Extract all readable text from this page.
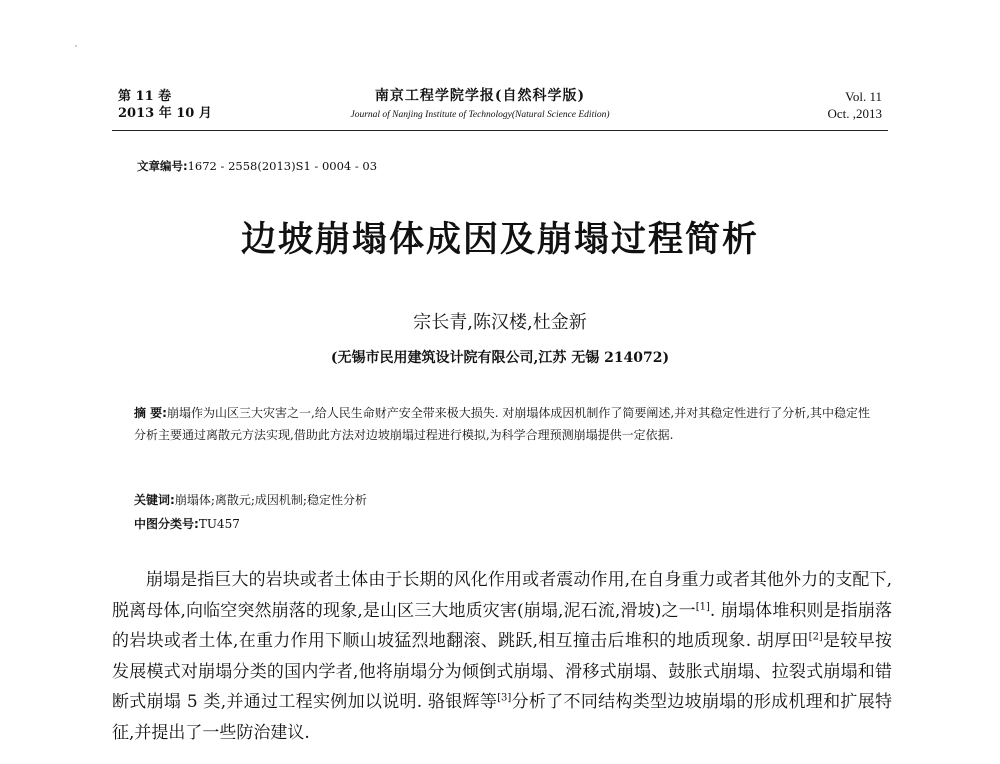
第 11 卷
2013 年 10 月
南京工程学院学报(自然科学版)
Journal of Nanjing Institute of Technology(Natural Science Edition)
Vol. 11
Oct. ,2013
文章编号:1672 - 2558(2013)S1 - 0004 - 03
边坡崩塌体成因及崩塌过程简析
宗长青,陈汉楼,杜金新
(无锡市民用建筑设计院有限公司,江苏 无锡 214072)
摘 要:崩塌作为山区三大灾害之一,给人民生命财产安全带来极大损失. 对崩塌体成因机制作了简要阐述,并对其稳定性进行了分析,其中稳定性分析主要通过离散元方法实现,借助此方法对边坡崩塌过程进行模拟,为科学合理预测崩塌提供一定依据.
关键词:崩塌体;离散元;成因机制;稳定性分析
中图分类号:TU457

崩塌是指巨大的岩块或者土体由于长期的风化作用或者震动作用,在自身重力或者其他外力的支配下,脱离母体,向临空突然崩落的现象,是山区三大地质灾害(崩塌,泥石流,滑坡)之一[1]. 崩塌体堆积则是指崩落的岩块或者土体,在重力作用下顺山坡猛烈地翻滚、跳跃,相互撞击后堆积的地质现象. 胡厚田[2]是较早按发展模式对崩塌分类的国内学者,他将崩塌分为倾倒式崩塌、滑移式崩塌、鼓胀式崩塌、拉裂式崩塌和错断式崩塌 5 类,并通过工程实例加以说明. 骆银辉等[3]分析了不同结构类型边坡崩塌的形成机理和扩展特征,并提出了一些防治建议.
